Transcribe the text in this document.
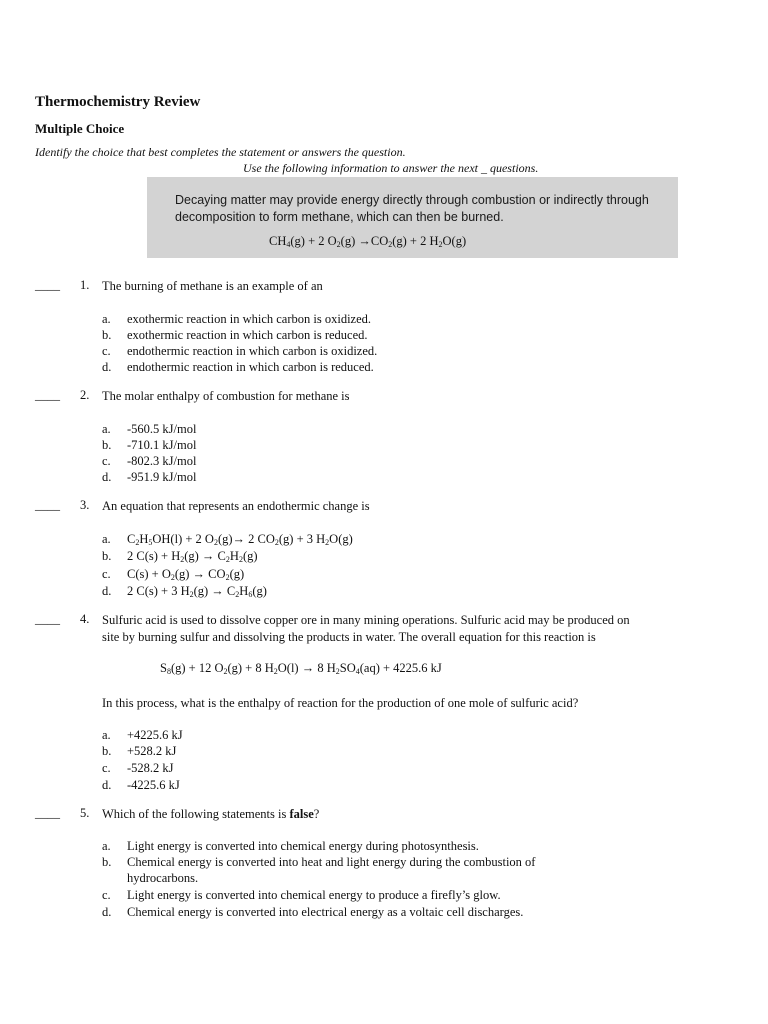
Thermochemistry Review
Multiple Choice
Identify the choice that best completes the statement or answers the question.
Use the following information to answer the next _ questions.
Decaying matter may provide energy directly through combustion or indirectly through decomposition to form methane, which can then be burned.
$CH_4(g) + 2$ $O_2(g) \to CO_2(g) + 2$ $H_2O(g)$
____ 1. The burning of methane is an example of an
a. exothermic reaction in which carbon is oxidized.
b. exothermic reaction in which carbon is reduced.
c. endothermic reaction in which carbon is oxidized.
d. endothermic reaction in which carbon is reduced.
____ 2. The molar enthalpy of combustion for methane is
a. -560.5 kJ/mol
b. -710.1 kJ/mol
c. -802.3 kJ/mol
d. -951.9 kJ/mol
____ 3. An equation that represents an endothermic change is
a. $C_2H_5OH(l) + 2$ $O_2(g)\to 2$ $CO_2(g) + 3$ $H_2O(g)$
b. 2 $C(s) + H_2(g) \to C_2H_2(g)$
c. $C(s) + O_2(g) \to CO_2(g)$
d. 2 C(s) + 3 $H_2(g) \to C_2H_6(g)$
____ 4. Sulfuric acid is used to dissolve copper ore in many mining operations. Sulfuric acid may be produced on site by burning sulfur and dissolving the products in water. The overall equation for this reaction is
$S_8(g) + 12$ $O_2(g) + 8$ $H_2O(l) \to 8$ $H_2SO_4(aq) + 4225.6$ kJ
In this process, what is the enthalpy of reaction for the production of one mole of sulfuric acid?
a. +4225.6 kJ
b. +528.2 kJ
c. -528.2 kJ
d. -4225.6 kJ
____ 5. Which of the following statements is false?
a. Light energy is converted into chemical energy during photosynthesis.
b. Chemical energy is converted into heat and light energy during the combustion of hydrocarbons.
c. Light energy is converted into chemical energy to produce a firefly’s glow.
d. Chemical energy is converted into electrical energy as a voltaic cell discharges.
